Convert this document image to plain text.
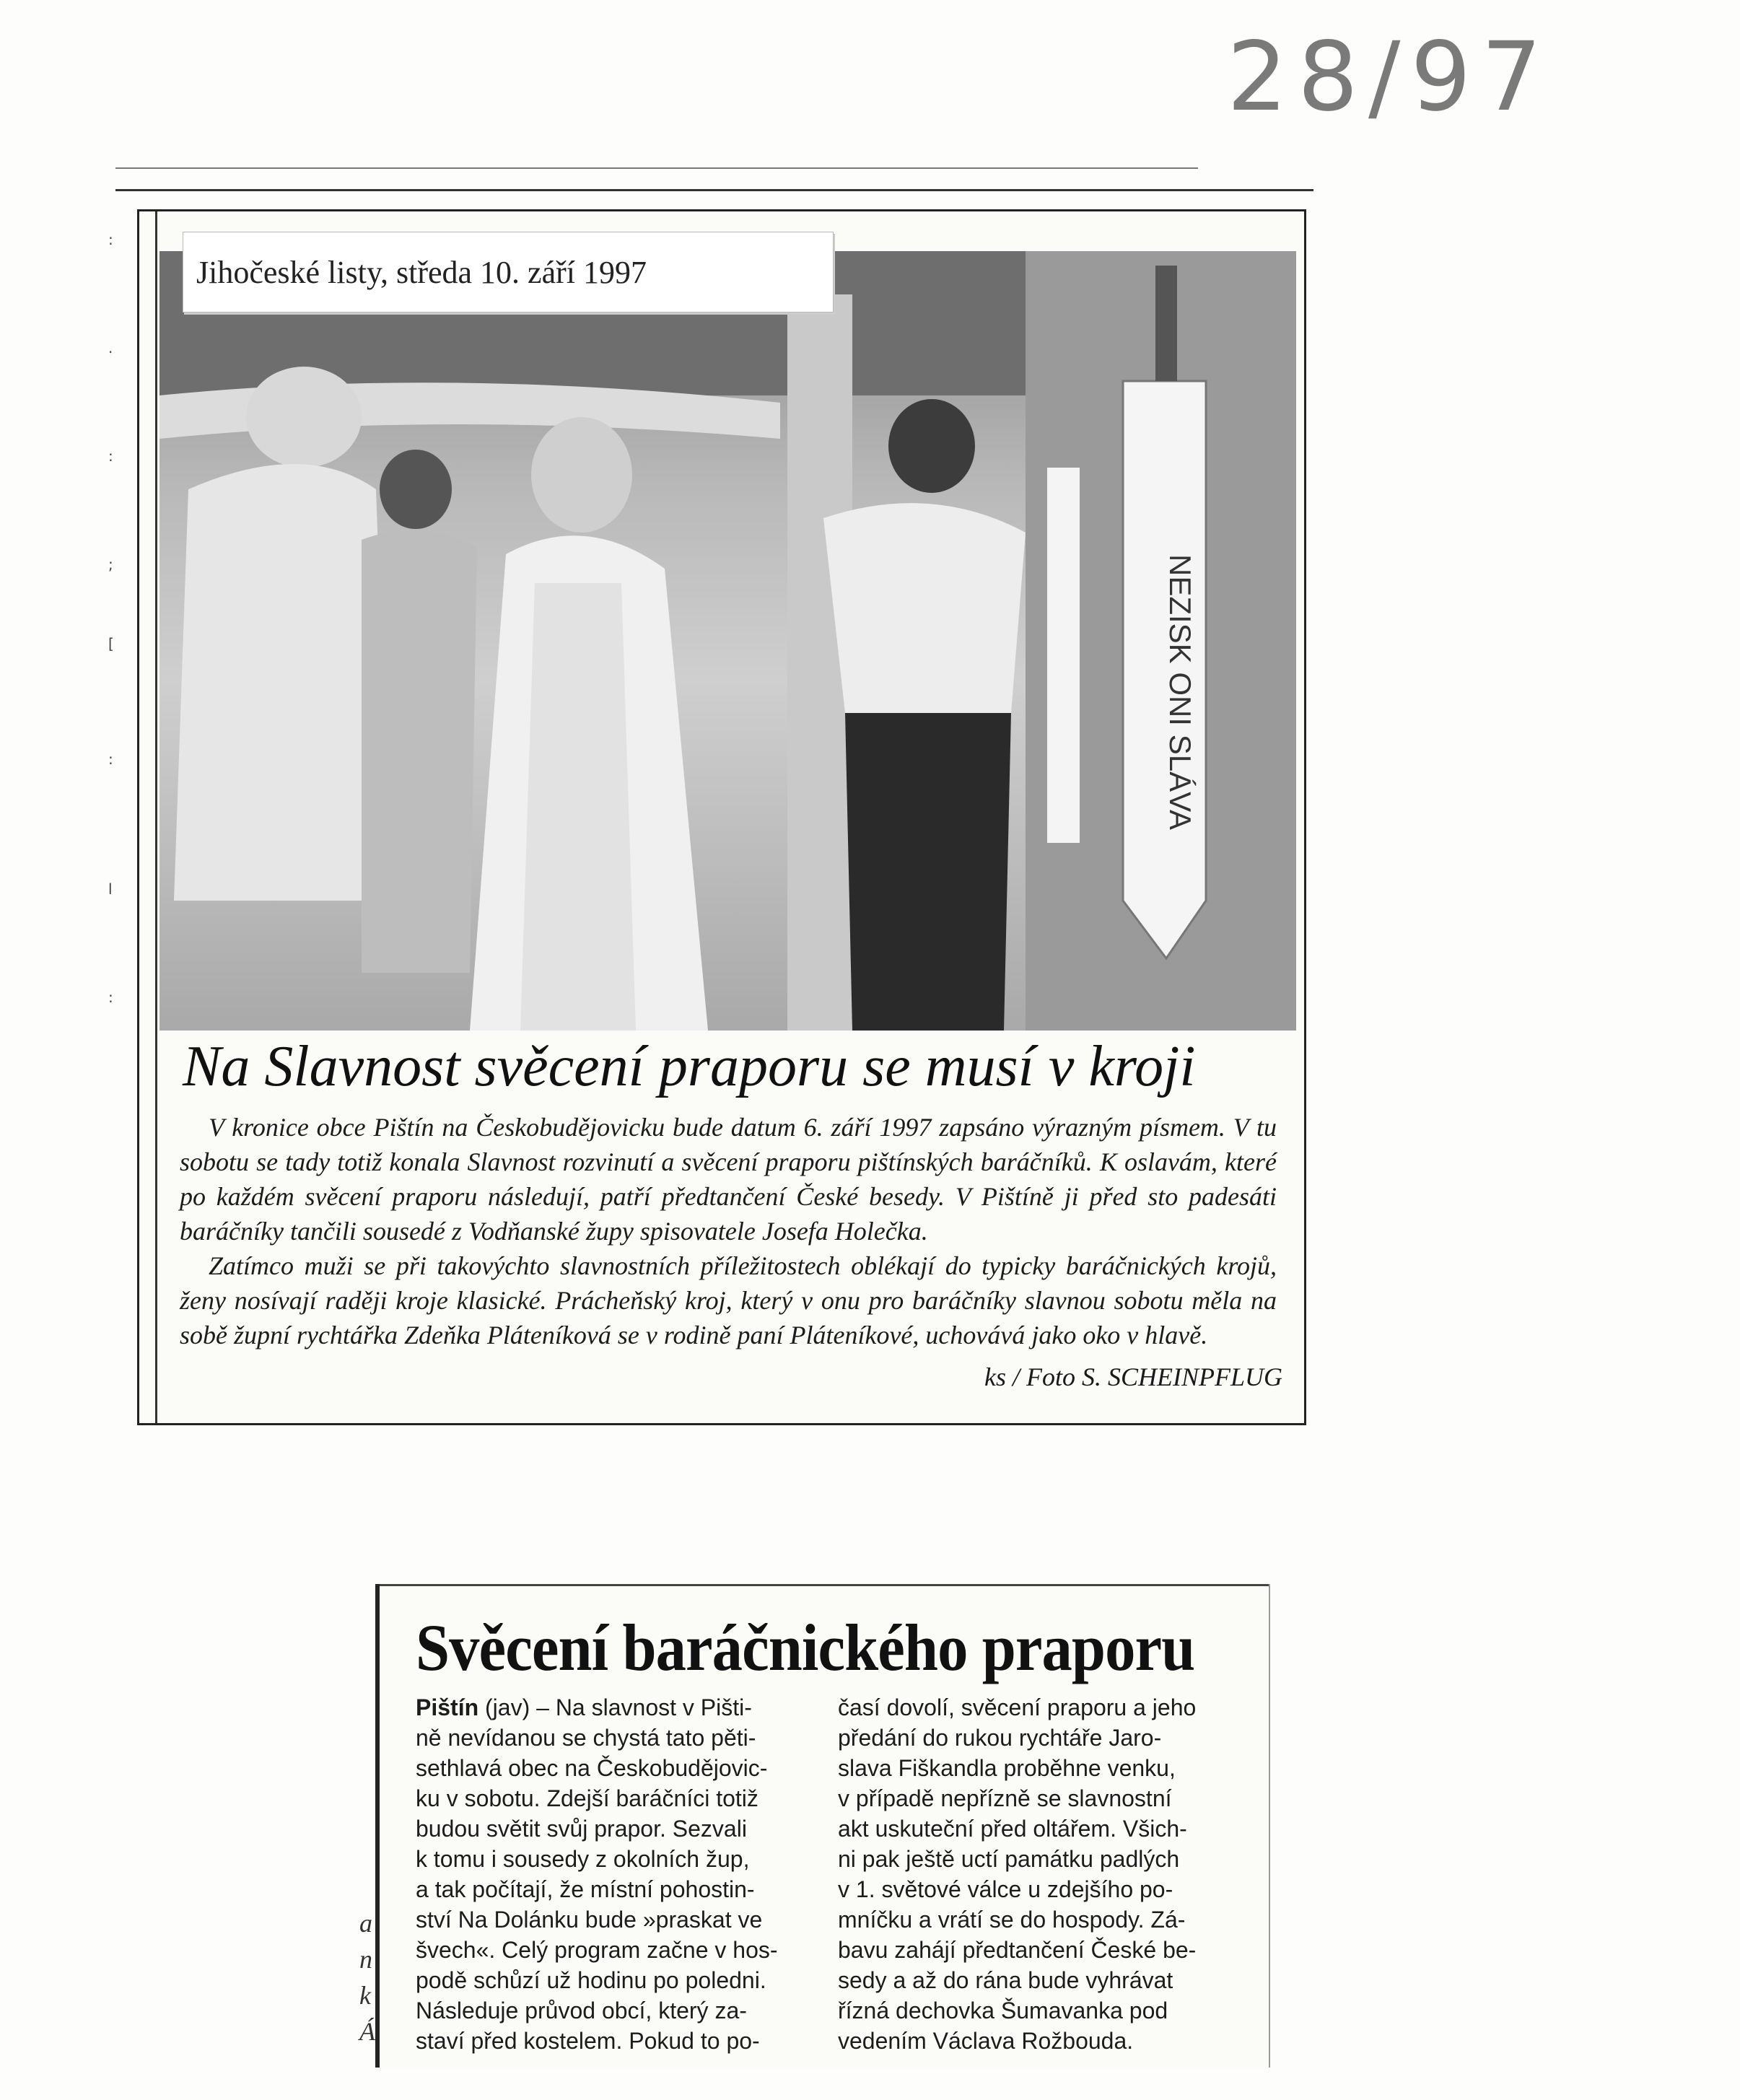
28/97
:
.
:
;
[
:
l
:
Jihočeské listy, středa 10. září 1997
NEZISK ONI SLÁVA
Na Slavnost svěcení praporu se musí v kroji

V kronice obce Pištín na Českobudějovicku bude datum 6. září 1997 zapsáno výrazným písmem. V tu sobotu se tady totiž konala Slavnost rozvinutí a svěcení praporu pištínských baráčníků. K oslavám, které po každém svěcení praporu následují, patří předtančení České besedy. V Pištíně ji před sto padesáti baráčníky tančili sousedé z Vodňanské župy spisovatele Josefa Holečka.

Zatímco muži se při takovýchto slavnostních příležitostech oblékají do typicky baráčnických krojů, ženy nosívají raději kroje klasické. Prácheňský kroj, který v onu pro baráčníky slavnou sobotu měla na sobě župní rychtářka Zdeňka Pláteníková se v rodině paní Pláteníkové, uchovává jako oko v hlavě.

ks / Foto S. SCHEINPFLUG
Svěcení baráčnického praporu
Pištín (jav) – Na slavnost v Pišti-
ně nevídanou se chystá tato pěti-
sethlavá obec na Českobudějovic-
ku v sobotu. Zdejší baráčníci totiž
budou světit svůj prapor. Sezvali
k tomu i sousedy z okolních žup,
a tak počítají, že místní pohostin-
ství Na Dolánku bude »praskat ve
švech«. Celý program začne v hos-
podě schůzí už hodinu po poledni.
Následuje průvod obcí, který za-
staví před kostelem. Pokud to po-
časí dovolí, svěcení praporu a jeho
předání do rukou rychtáře Jaro-
slava Fiškandla proběhne venku,
v případě nepřízně se slavnostní
akt uskuteční před oltářem. Všich-
ni pak ještě uctí památku padlých
v 1. světové válce u zdejšího po-
mníčku a vrátí se do hospody. Zá-
bavu zahájí předtančení České be-
sedy a až do rána bude vyhrávat
řízná dechovka Šumavanka pod
vedením Václava Rožbouda.
a
n
k
Á
